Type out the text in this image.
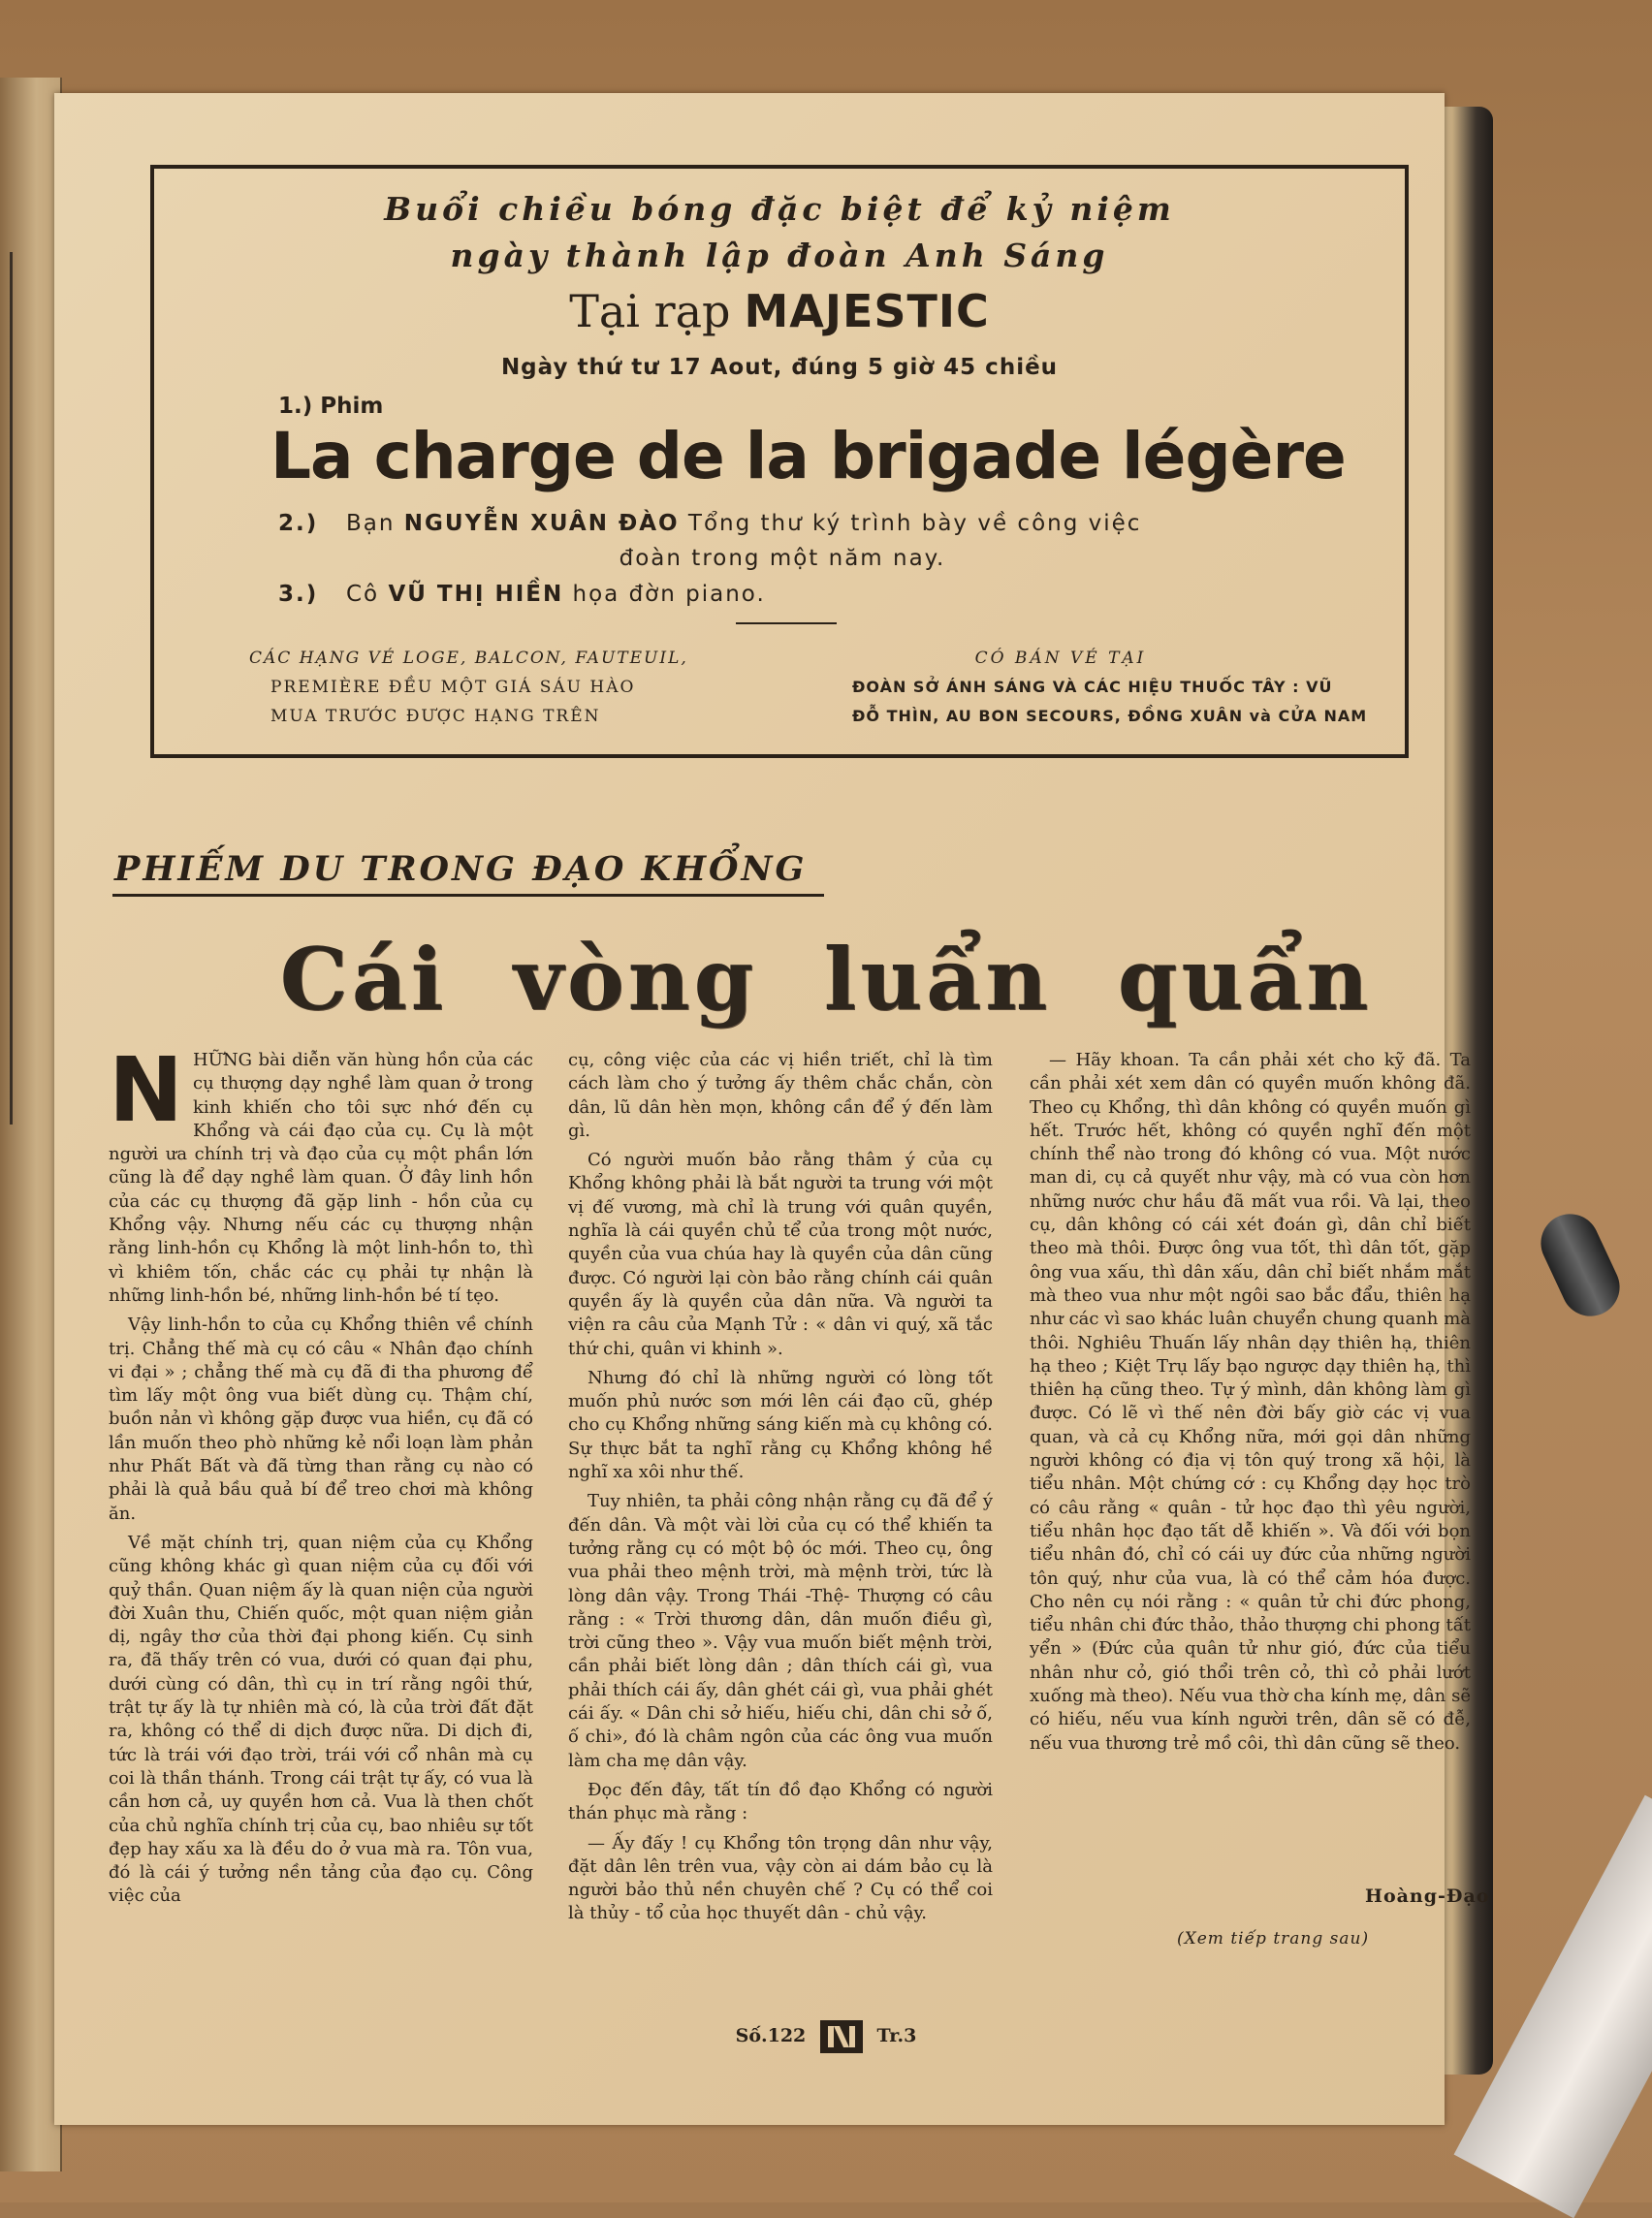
Buổi chiều bóng đặc biệt để kỷ niệm
ngày thành lập đoàn Anh Sáng
Tại rạp MAJESTIC
Ngày thứ tư 17 Aout, đúng 5 giờ 45 chiều
1.) Phim
La charge de la brigade légère
2.) Bạn NGUYỄN XUÂN ĐÀO Tổng thư ký trình bày về công việc
đoàn trong một năm nay.
3.) Cô VŨ THỊ HIỀN họa đờn piano.
CÁC HẠNG VÉ LOGE, BALCON, FAUTEUIL,
PREMIÈRE ĐỀU MỘT GIÁ SÁU HÀO
MUA TRƯỚC ĐƯỢC HẠNG TRÊN
CÓ BÁN VÉ TẠI
ĐOÀN SỞ ÁNH SÁNG VÀ CÁC HIỆU THUỐC TÂY : VŨ
ĐỖ THÌN, AU BON SECOURS, ĐỒNG XUÂN và CỬA NAM
PHIẾM DU TRONG ĐẠO KHỔNG
Cái vòng luẩn quẩn

NHỮNG bài diễn văn hùng hồn của các cụ thượng dạy nghề làm quan ở trong kinh khiến cho tôi sực nhớ đến cụ Khổng và cái đạo của cụ. Cụ là một người ưa chính trị và đạo của cụ một phần lớn cũng là để dạy nghề làm quan. Ở đây linh hồn của các cụ thượng đã gặp linh - hồn của cụ Khổng vậy. Nhưng nếu các cụ thượng nhận rằng linh-hồn cụ Khổng là một linh-hồn to, thì vì khiêm tốn, chắc các cụ phải tự nhận là những linh-hồn bé, những linh-hồn bé tí tẹo.

Vậy linh-hồn to của cụ Khổng thiên về chính trị. Chẳng thế mà cụ có câu « Nhân đạo chính vi đại » ; chẳng thế mà cụ đã đi tha phương để tìm lấy một ông vua biết dùng cụ. Thậm chí, buồn nản vì không gặp được vua hiền, cụ đã có lần muốn theo phò những kẻ nổi loạn làm phản như Phất Bất và đã từng than rằng cụ nào có phải là quả bầu quả bí để treo chơi mà không ăn.

Về mặt chính trị, quan niệm của cụ Khổng cũng không khác gì quan niệm của cụ đối với quỷ thần. Quan niệm ấy là quan niện của người đời Xuân thu, Chiến quốc, một quan niệm giản dị, ngây thơ của thời đại phong kiến. Cụ sinh ra, đã thấy trên có vua, dưới có quan đại phu, dưới cùng có dân, thì cụ in trí rằng ngôi thứ, trật tự ấy là tự nhiên mà có, là của trời đất đặt ra, không có thể di dịch được nữa. Di dịch đi, tức là trái với đạo trời, trái với cổ nhân mà cụ coi là thần thánh. Trong cái trật tự ấy, có vua là cần hơn cả, uy quyền hơn cả. Vua là then chốt của chủ nghĩa chính trị của cụ, bao nhiêu sự tốt đẹp hay xấu xa là đều do ở vua mà ra. Tôn vua, đó là cái ý tưởng nền tảng của đạo cụ. Công việc của

cụ, công việc của các vị hiền triết, chỉ là tìm cách làm cho ý tưởng ấy thêm chắc chắn, còn dân, lũ dân hèn mọn, không cần để ý đến làm gì.

Có người muốn bảo rằng thâm ý của cụ Khổng không phải là bắt người ta trung với một vị đế vương, mà chỉ là trung với quân quyền, nghĩa là cái quyền chủ tể của trong một nước, quyền của vua chúa hay là quyền của dân cũng được. Có người lại còn bảo rằng chính cái quân quyền ấy là quyền của dân nữa. Và người ta viện ra câu của Mạnh Tử : « dân vi quý, xã tắc thứ chi, quân vi khinh ».

Nhưng đó chỉ là những người có lòng tốt muốn phủ nước sơn mới lên cái đạo cũ, ghép cho cụ Khổng những sáng kiến mà cụ không có. Sự thực bắt ta nghĩ rằng cụ Khổng không hề nghĩ xa xôi như thế.

Tuy nhiên, ta phải công nhận rằng cụ đã để ý đến dân. Và một vài lời của cụ có thể khiến ta tưởng rằng cụ có một bộ óc mới. Theo cụ, ông vua phải theo mệnh trời, mà mệnh trời, tức là lòng dân vậy. Trong Thái -Thệ- Thượng có câu rằng : « Trời thương dân, dân muốn điều gì, trời cũng theo ». Vậy vua muốn biết mệnh trời, cần phải biết lòng dân ; dân thích cái gì, vua phải thích cái ấy, dân ghét cái gì, vua phải ghét cái ấy. « Dân chi sở hiếu, hiếu chi, dân chi sở ố, ố chi», đó là châm ngôn của các ông vua muốn làm cha mẹ dân vậy.

Đọc đến đây, tất tín đồ đạo Khổng có người thán phục mà rằng :

— Ấy đấy ! cụ Khổng tôn trọng dân như vậy, đặt dân lên trên vua, vậy còn ai dám bảo cụ là người bảo thủ nền chuyên chế ? Cụ có thể coi là thủy - tổ của học thuyết dân - chủ vậy.

— Hãy khoan. Ta cần phải xét cho kỹ đã. Ta cần phải xét xem dân có quyền muốn không đã. Theo cụ Khổng, thì dân không có quyền muốn gì hết. Trước hết, không có quyền nghĩ đến một chính thể nào trong đó không có vua. Một nước man di, cụ cả quyết như vậy, mà có vua còn hơn những nước chư hầu đã mất vua rồi. Và lại, theo cụ, dân không có cái xét đoán gì, dân chỉ biết theo mà thôi. Được ông vua tốt, thì dân tốt, gặp ông vua xấu, thì dân xấu, dân chỉ biết nhắm mắt mà theo vua như một ngôi sao bắc đẩu, thiên hạ như các vì sao khác luân chuyển chung quanh mà thôi. Nghiêu Thuấn lấy nhân dạy thiên hạ, thiên hạ theo ; Kiệt Trụ lấy bạo ngược dạy thiên hạ, thì thiên hạ cũng theo. Tự ý mình, dân không làm gì được. Có lẽ vì thế nên đời bấy giờ các vị vua quan, và cả cụ Khổng nữa, mới gọi dân những người không có địa vị tôn quý trong xã hội, là tiểu nhân. Một chứng cớ : cụ Khổng dạy học trò có câu rằng « quân - tử học đạo thì yêu người, tiểu nhân học đạo tất dễ khiến ». Và đối với bọn tiểu nhân đó, chỉ có cái uy đức của những người tôn quý, như của vua, là có thể cảm hóa được. Cho nên cụ nói rằng : « quân tử chi đức phong, tiểu nhân chi đức thảo, thảo thượng chi phong tất yển » (Đức của quân tử như gió, đức của tiểu nhân như cỏ, gió thổi trên cỏ, thì cỏ phải lướt xuống mà theo). Nếu vua thờ cha kính mẹ, dân sẽ có hiếu, nếu vua kính người trên, dân sẽ có đễ, nếu vua thương trẻ mồ côi, thì dân cũng sẽ theo.

Hoàng-Đạo
(Xem tiếp trang sau)
Số.122	Tr.3
